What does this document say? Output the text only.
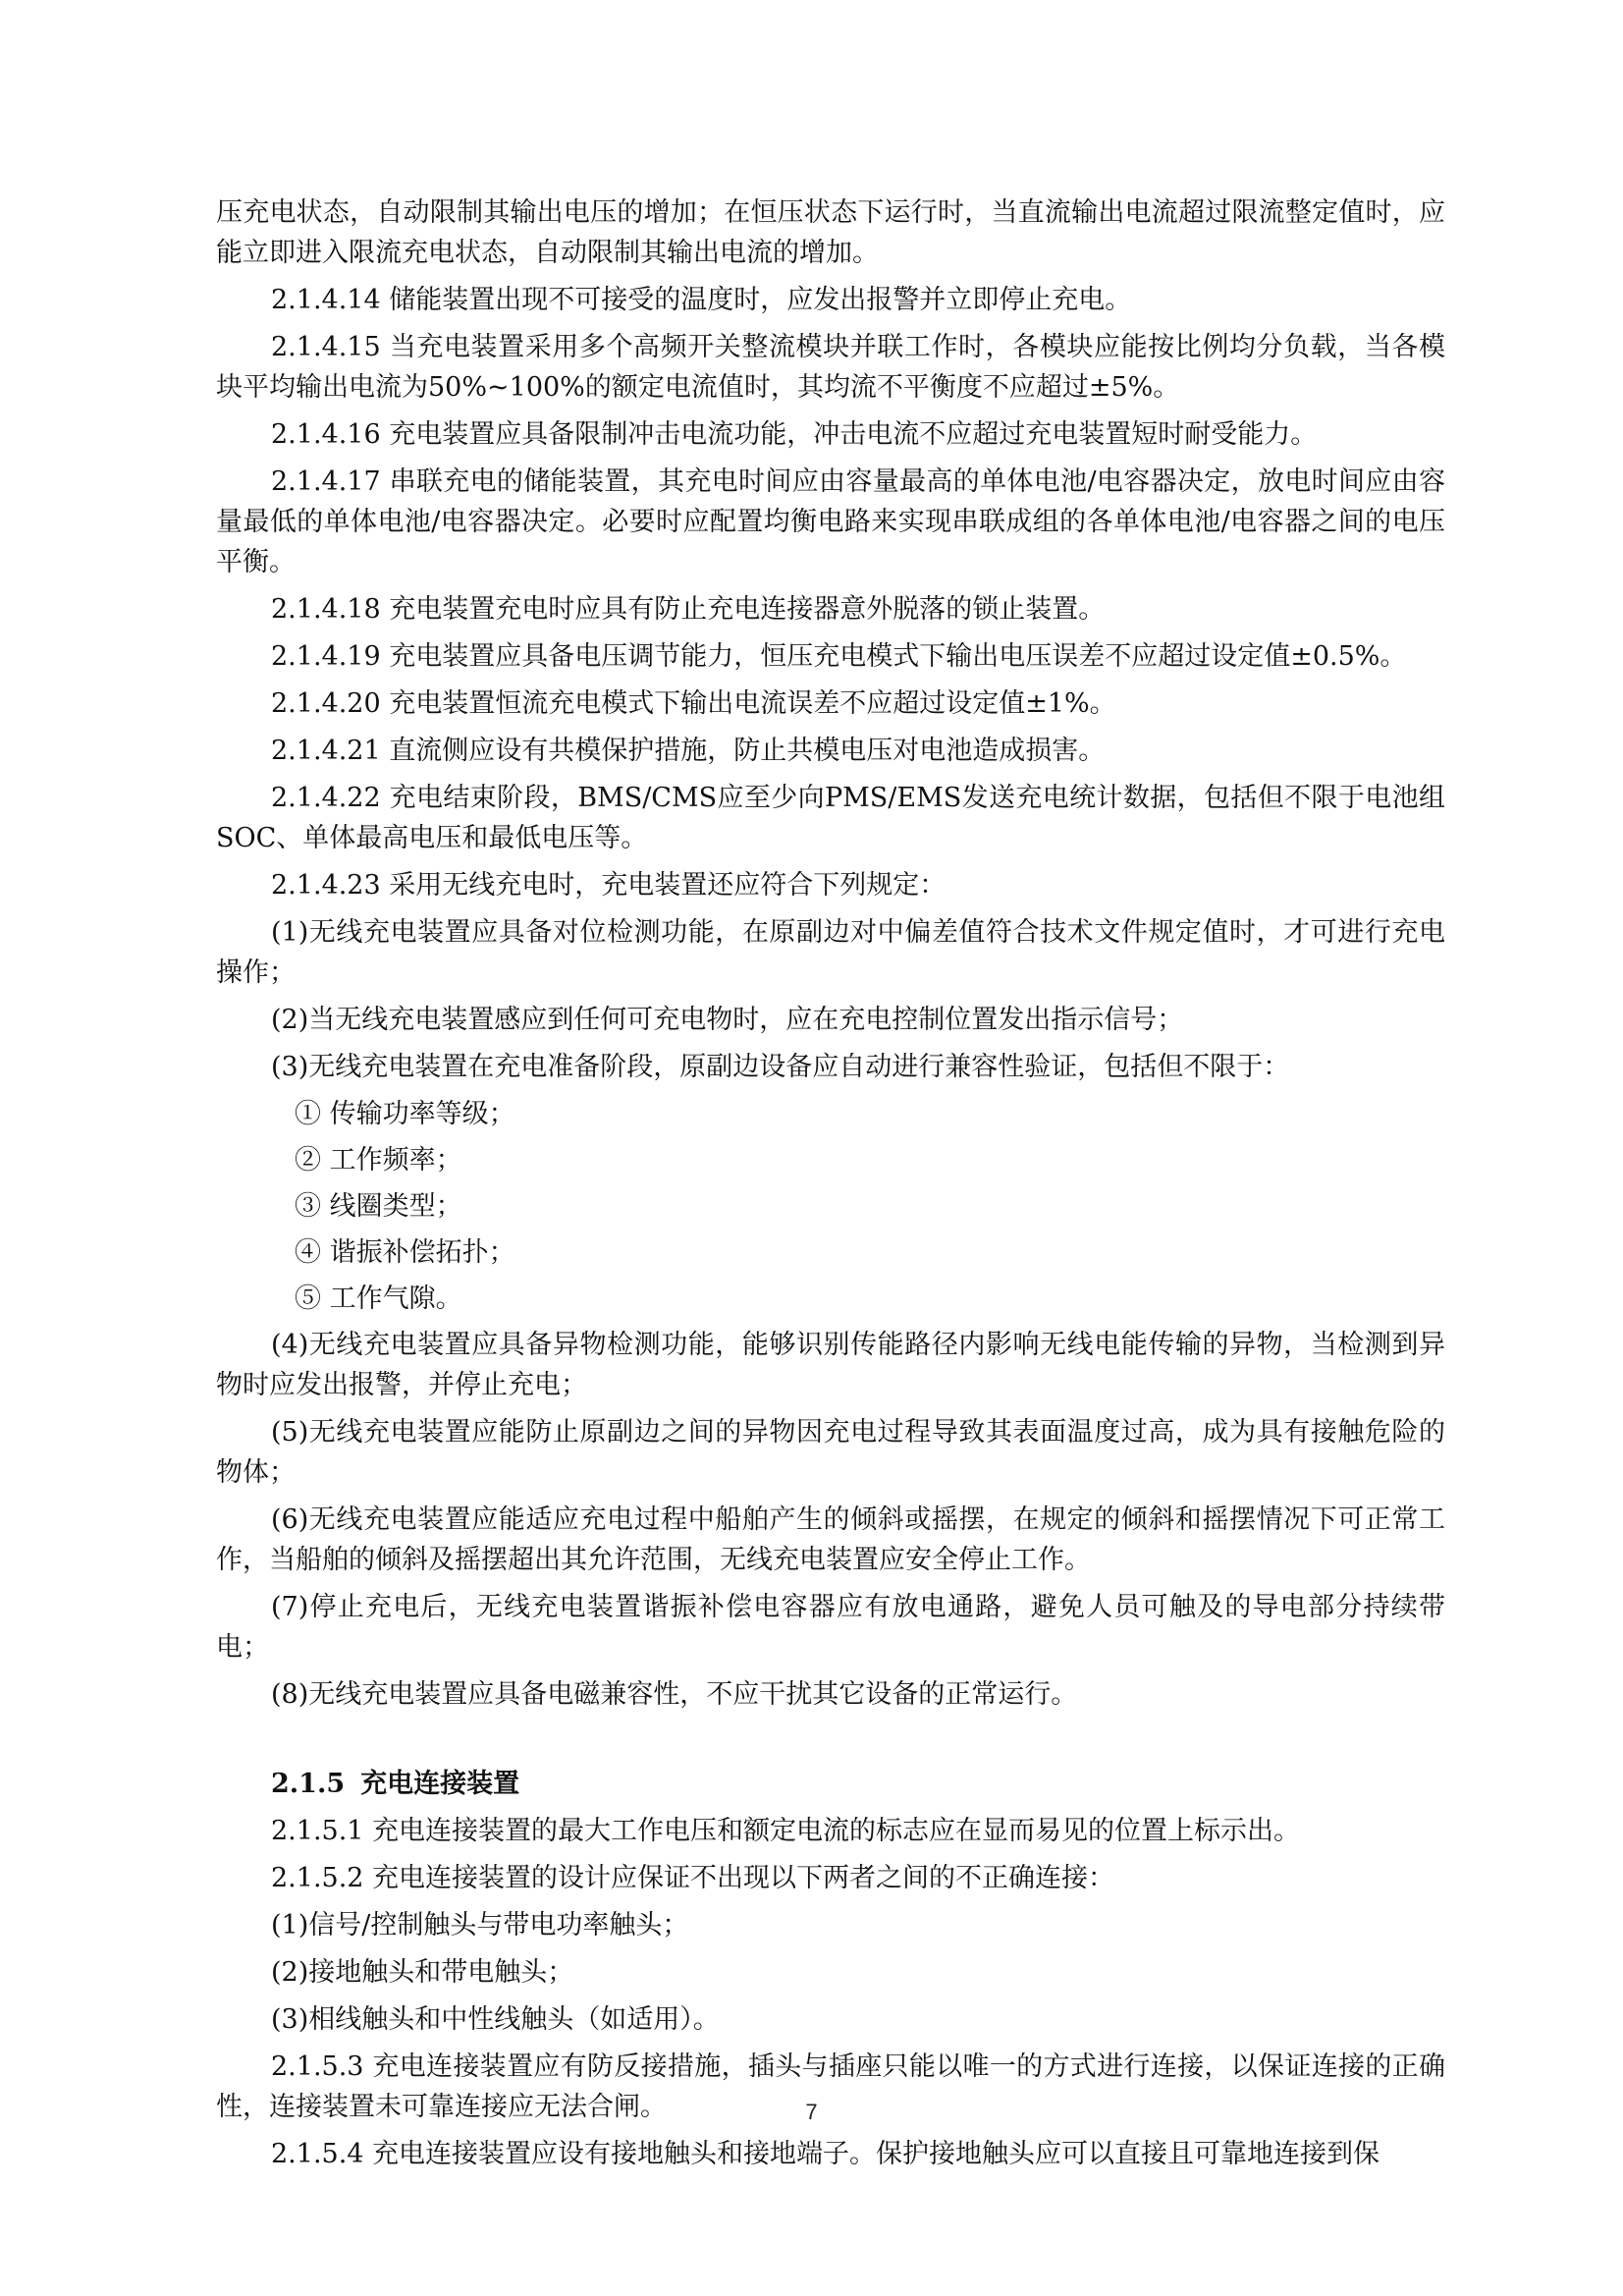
压充电状态，自动限制其输出电压的增加；在恒压状态下运行时，当直流输出电流超过限流整定值时，应能立即进入限流充电状态，自动限制其输出电流的增加。

2.1.4.14 储能装置出现不可接受的温度时，应发出报警并立即停止充电。

2.1.4.15 当充电装置采用多个高频开关整流模块并联工作时，各模块应能按比例均分负载，当各模块平均输出电流为50%~100%的额定电流值时，其均流不平衡度不应超过±5%。

2.1.4.16 充电装置应具备限制冲击电流功能，冲击电流不应超过充电装置短时耐受能力。

2.1.4.17 串联充电的储能装置，其充电时间应由容量最高的单体电池/电容器决定，放电时间应由容量最低的单体电池/电容器决定。必要时应配置均衡电路来实现串联成组的各单体电池/电容器之间的电压平衡。

2.1.4.18 充电装置充电时应具有防止充电连接器意外脱落的锁止装置。

2.1.4.19 充电装置应具备电压调节能力，恒压充电模式下输出电压误差不应超过设定值±0.5%。

2.1.4.20 充电装置恒流充电模式下输出电流误差不应超过设定值±1%。

2.1.4.21 直流侧应设有共模保护措施，防止共模电压对电池造成损害。

2.1.4.22 充电结束阶段，BMS/CMS应至少向PMS/EMS发送充电统计数据，包括但不限于电池组SOC、单体最高电压和最低电压等。

2.1.4.23 采用无线充电时，充电装置还应符合下列规定：

(1)无线充电装置应具备对位检测功能，在原副边对中偏差值符合技术文件规定值时，才可进行充电操作；

(2)当无线充电装置感应到任何可充电物时，应在充电控制位置发出指示信号；

(3)无线充电装置在充电准备阶段，原副边设备应自动进行兼容性验证，包括但不限于：

① 传输功率等级；

② 工作频率；

③ 线圈类型；

④ 谐振补偿拓扑；

⑤ 工作气隙。

(4)无线充电装置应具备异物检测功能，能够识别传能路径内影响无线电能传输的异物，当检测到异物时应发出报警，并停止充电；

(5)无线充电装置应能防止原副边之间的异物因充电过程导致其表面温度过高，成为具有接触危险的物体；

(6)无线充电装置应能适应充电过程中船舶产生的倾斜或摇摆，在规定的倾斜和摇摆情况下可正常工作，当船舶的倾斜及摇摆超出其允许范围，无线充电装置应安全停止工作。

(7)停止充电后，无线充电装置谐振补偿电容器应有放电通路，避免人员可触及的导电部分持续带电；

(8)无线充电装置应具备电磁兼容性，不应干扰其它设备的正常运行。

2.1.5 充电连接装置

2.1.5.1 充电连接装置的最大工作电压和额定电流的标志应在显而易见的位置上标示出。

2.1.5.2 充电连接装置的设计应保证不出现以下两者之间的不正确连接：

(1)信号/控制触头与带电功率触头；

(2)接地触头和带电触头；

(3)相线触头和中性线触头（如适用）。

2.1.5.3 充电连接装置应有防反接措施，插头与插座只能以唯一的方式进行连接，以保证连接的正确性，连接装置未可靠连接应无法合闸。

2.1.5.4 充电连接装置应设有接地触头和接地端子。保护接地触头应可以直接且可靠地连接到保

7
